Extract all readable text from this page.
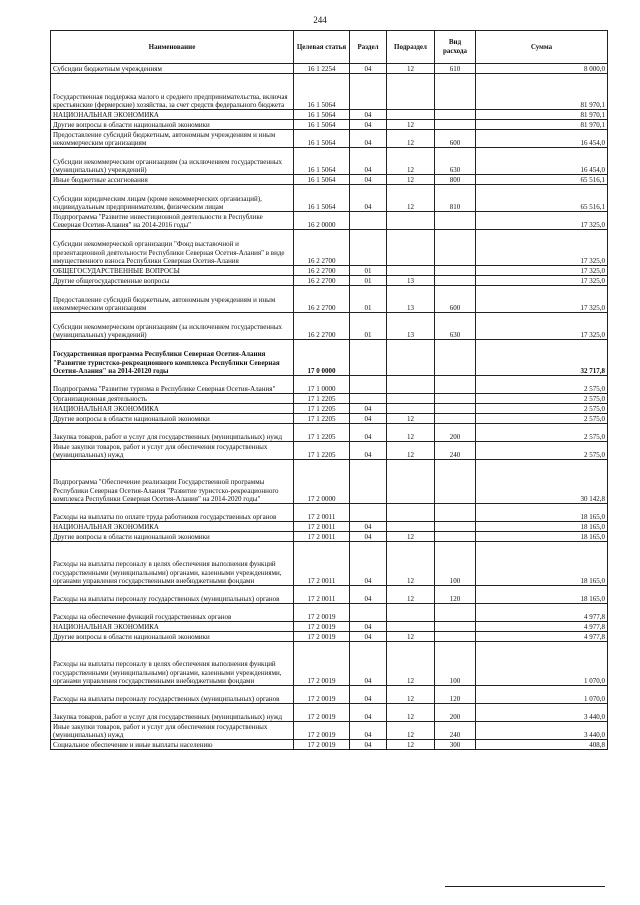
244
Наименование	Целевая статья	Раздел	Подраздел	Вид расхода	Сумма
Субсидии бюджетным учреждениям	16 1 2254	04	12	610	8 000,0
Государственная поддержка малого и среднего предпринимательства, включая крестьянские (фермерские) хозяйства, за счет средств федерального бюджета	16 1 5064				81 970,1
НАЦИОНАЛЬНАЯ ЭКОНОМИКА	16 1 5064	04			81 970,1
Другие вопросы в области национальной экономики	16 1 5064	04	12		81 970,1
Предоставление субсидий бюджетным, автономным учреждениям и иным некоммерческим организациям	16 1 5064	04	12	600	16 454,0
Субсидии некоммерческим организациям (за исключением государственных (муниципальных) учреждений)	16 1 5064	04	12	630	16 454,0
Иные бюджетные ассигнования	16 1 5064	04	12	800	65 516,1
Субсидии юридическим лицам (кроме некоммерческих организаций), индивидуальным предпринимателям, физическим лицам	16 1 5064	04	12	810	65 516,1
Подпрограмма "Развитие инвестиционной деятельности в Республике Северная Осетия-Алания" на 2014-2016 годы"	16 2 0000				17 325,0
Субсидии некоммерческой организации "Фонд выставочной и презентационной деятельности Республики Северная Осетия-Алания" в виде имущественного взноса Республики Северная Осетия-Алания	16 2 2700				17 325,0
ОБЩЕГОСУДАРСТВЕННЫЕ ВОПРОСЫ	16 2 2700	01			17 325,0
Другие общегосударственные вопросы	16 2 2700	01	13		17 325,0
Предоставление субсидий бюджетным, автономным учреждениям и иным некоммерческим организациям	16 2 2700	01	13	600	17 325,0
Субсидии некоммерческим организациям (за исключением государственных (муниципальных) учреждений)	16 2 2700	01	13	630	17 325,0
Государственная программа Республики Северная Осетия-Алания "Развитие туристско-рекреационного комплекса Республики Северная Осетия-Алания" на 2014-20120 годы	17 0 0000				32 717,8
Подпрограмма "Развитие туризма в Республике Северная Осетия-Алания"	17 1 0000				2 575,0
Организационная деятельность	17 1 2205				2 575,0
НАЦИОНАЛЬНАЯ ЭКОНОМИКА	17 1 2205	04			2 575,0
Другие вопросы в области национальной экономики	17 1 2205	04	12		2 575,0
Закупка товаров, работ и услуг для государственных (муниципальных) нужд	17 1 2205	04	12	200	2 575,0
Иные закупки товаров, работ и услуг для обеспечения государственных (муниципальных) нужд	17 1 2205	04	12	240	2 575,0
Подпрограмма "Обеспечение реализации Государственной программы Республики Северная Осетия-Алания "Развитие туристско-рекреационного комплекса Республики Северная Осетия-Алания" на 2014-2020 годы"	17 2 0000				30 142,8
Расходы на выплаты по оплате труда работников государственных органов	17 2 0011				18 165,0
НАЦИОНАЛЬНАЯ ЭКОНОМИКА	17 2 0011	04			18 165,0
Другие вопросы в области национальной экономики	17 2 0011	04	12		18 165,0
Расходы на выплаты персоналу в целях обеспечения выполнения функций государственными (муниципальными) органами, казенными учреждениями, органами управления государственными внебюджетными фондами	17 2 0011	04	12	100	18 165,0
Расходы на выплаты персоналу государственных (муниципальных) органов	17 2 0011	04	12	120	18 165,0
Расходы на обеспечение функций государственных органов	17 2 0019				4 977,8
НАЦИОНАЛЬНАЯ ЭКОНОМИКА	17 2 0019	04			4 977,8
Другие вопросы в области национальной экономики	17 2 0019	04	12		4 977,8
Расходы на выплаты персоналу в целях обеспечения выполнения функций государственными (муниципальными) органами, казенными учреждениями, органами управления государственными внебюджетными фондами	17 2 0019	04	12	100	1 070,0
Расходы на выплаты персоналу государственных (муниципальных) органов	17 2 0019	04	12	120	1 070,0
Закупка товаров, работ и услуг для государственных (муниципальных) нужд	17 2 0019	04	12	200	3 440,0
Иные закупки товаров, работ и услуг для обеспечения государственных (муниципальных) нужд	17 2 0019	04	12	240	3 440,0
Социальное обеспечение и иные выплаты населению	17 2 0019	04	12	300	408,8
